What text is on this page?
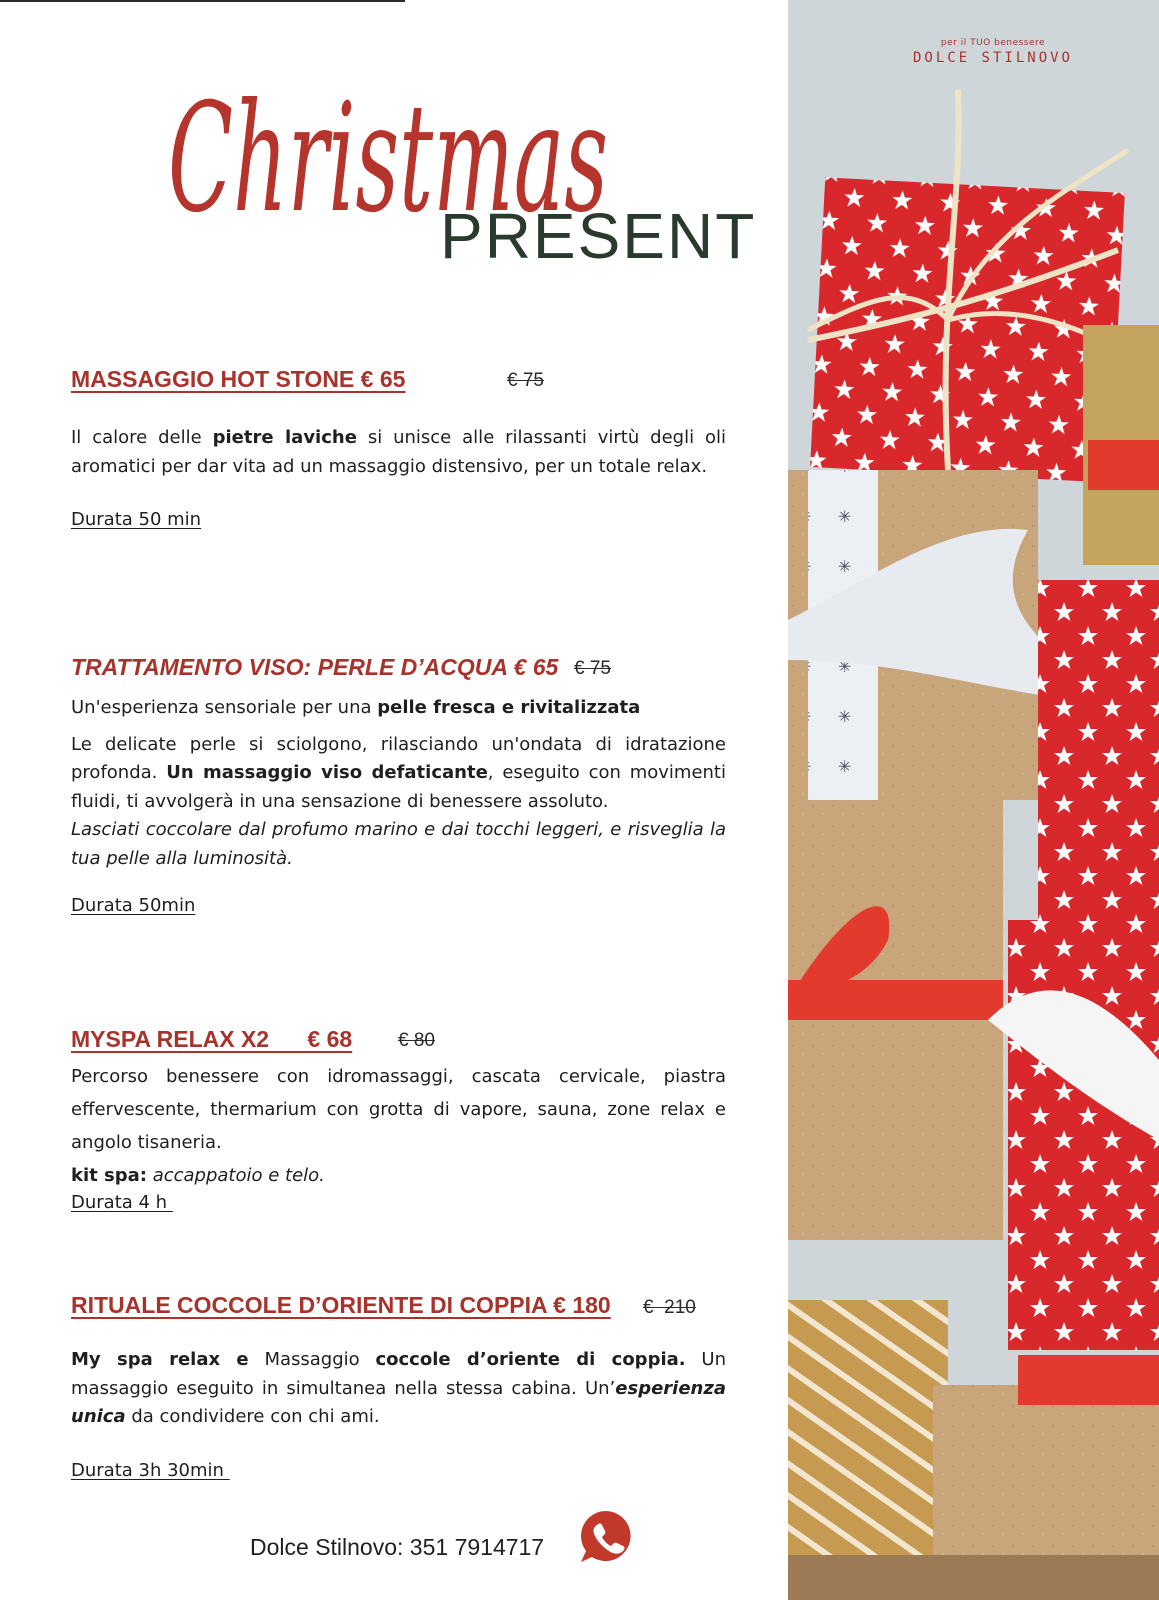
Christmas
PRESENT
MASSAGGIO HOT STONE € 65	€ 75

Il calore delle pietre laviche si unisce alle rilassanti virtù degli oli aromatici per dar vita ad un massaggio distensivo, per un totale relax.

Durata 50 min
TRATTAMENTO VISO: PERLE D’ACQUA € 65 € 75

Un'esperienza sensoriale per una pelle fresca e rivitalizzata

Le delicate perle si sciolgono, rilasciando un'ondata di idratazione profonda. Un massaggio viso defaticante, eseguito con movimenti fluidi, ti avvolgerà in una sensazione di benessere assoluto.
Lasciati coccolare dal profumo marino e dai tocchi leggeri, e risveglia la tua pelle alla luminosità.

Durata 50min
MYSPA RELAX X2      € 68 € 80

Percorso benessere con idromassaggi, cascata cervicale, piastra effervescente, thermarium con grotta di vapore, sauna, zone relax e angolo tisaneria.

kit spa: accappatoio e telo.

Durata 4 h
RITUALE COCCOLE D’ORIENTE DI COPPIA € 180 €  210

My spa relax e Massaggio coccole d’oriente di coppia. Un massaggio eseguito in simultanea nella stessa cabina. Un’esperienza unica da condividere con chi ami.

Durata 3h 30min
Dolce Stilnovo: 351 7914717
per il TUO benessere
DOLCE STILNOVO
